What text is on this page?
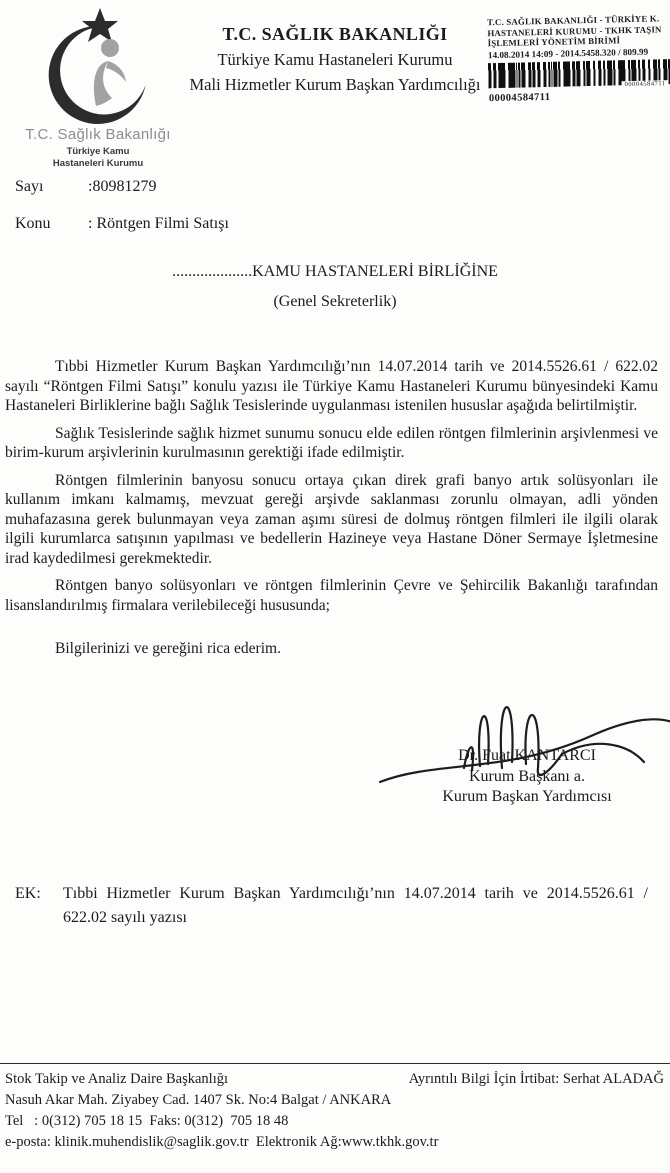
T.C. Sağlık Bakanlığı
Türkiye Kamu
Hastaneleri Kurumu
T.C. SAĞLIK BAKANLIĞI
Türkiye Kamu Hastaneleri Kurumu
Mali Hizmetler Kurum Başkan Yardımcılığı
T.C. SAĞLIK BAKANLIĞI - TÜRKİYE K.
HASTANELERİ KURUMU - TKHK TAŞIN
İŞLEMLERİ YÖNETİM BİRİMİ
14.08.2014 14:09 - 2014.5458.320 / 809.99
00004584711
00004584711
Sayı	:80981279
Konu	: Röntgen Filmi Satışı
....................KAMU HASTANELERİ BİRLİĞİNE
(Genel Sekreterlik)

Tıbbi Hizmetler Kurum Başkan Yardımcılığı’nın 14.07.2014 tarih ve 2014.5526.61 / 622.02 sayılı “Röntgen Filmi Satışı” konulu yazısı ile Türkiye Kamu Hastaneleri Kurumu bünyesindeki Kamu Hastaneleri Birliklerine bağlı Sağlık Tesislerinde uygulanması istenilen hususlar aşağıda belirtilmiştir.

Sağlık Tesislerinde sağlık hizmet sunumu sonucu elde edilen röntgen filmlerinin arşivlenmesi ve birim-kurum arşivlerinin kurulmasının gerektiği ifade edilmiştir.

Röntgen filmlerinin banyosu sonucu ortaya çıkan direk grafi banyo artık solüsyonları ile kullanım imkanı kalmamış, mevzuat gereği arşivde saklanması zorunlu olmayan, adli yönden muhafazasına gerek bulunmayan veya zaman aşımı süresi de dolmuş röntgen filmleri ile ilgili olarak ilgili kurumlarca satışının yapılması ve bedellerin Hazineye veya Hastane Döner Sermaye İşletmesine irad kaydedilmesi gerekmektedir.

Röntgen banyo solüsyonları ve röntgen filmlerinin Çevre ve Şehircilik Bakanlığı tarafından lisanslandırılmış firmalara verilebileceği hususunda;

Bilgilerinizi ve gereğini rica ederim.
Dr. Fuat KANTARCI
Kurum Başkanı a.
Kurum Başkan Yardımcısı
EK:	Tıbbi Hizmetler Kurum Başkan Yardımcılığı’nın 14.07.2014 tarih ve 2014.5526.61 / 622.02 sayılı yazısı
Stok Takip ve Analiz Daire Başkanlığı	Ayrıntılı Bilgi İçin İrtibat: Serhat ALADAĞ
Nasuh Akar Mah. Ziyabey Cad. 1407 Sk. No:4 Balgat / ANKARA
Tel   : 0(312) 705 18 15  Faks: 0(312)  705 18 48
e-posta: klinik.muhendislik@saglik.gov.tr  Elektronik Ağ:www.tkhk.gov.tr
